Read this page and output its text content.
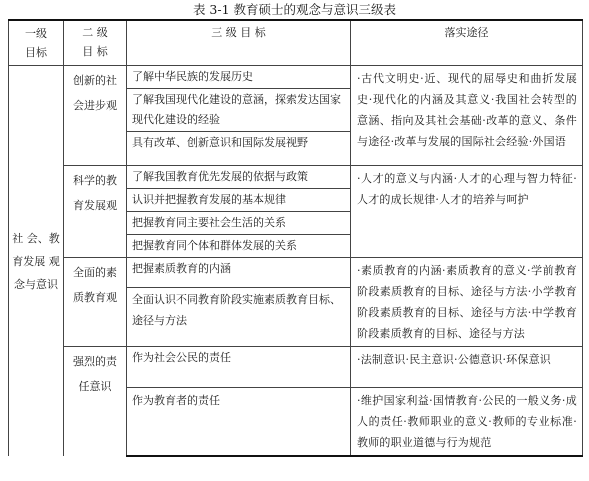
表 3-1 教育硕士的观念与意识三级表
一级目标	二 级目 标	三 级 目 标	落实途径
社 会、教育发展 观念与意识	创新的社会进步观	了解中华民族的发展历史	·古代文明史·近、现代的屈辱史和曲折发展史·现代化的内涵及其意义·我国社会转型的意涵、指向及其社会基础·改革的意义、条件与途径·改革与发展的国际社会经验·外国语
		了解我国现代化建设的意涵，探索发达国家现代化建设的经验	
		具有改革、创新意识和国际发展视野	
	科学的教育发展观	了解我国教育优先发展的依据与政策	·人才的意义与内涵·人才的心理与智力特征·人才的成长规律·人才的培养与呵护
		认识并把握教育发展的基本规律	
		把握教育同主要社会生活的关系	
		把握教育同个体和群体发展的关系	
	全面的素质教育观	把握素质教育的内涵	·素质教育的内涵·素质教育的意义·学前教育阶段素质教育的目标、途径与方法·小学教育阶段素质教育的目标、途径与方法·中学教育阶段素质教育的目标、途径与方法
		全面认识不同教育阶段实施素质教育目标、途径与方法	
	强烈的责任意识	作为社会公民的责任	·法制意识·民主意识·公德意识·环保意识
		作为教育者的责任	·维护国家利益·国情教育·公民的一般义务·成人的责任·教师职业的意义·教师的专业标准·教师的职业道德与行为规范
